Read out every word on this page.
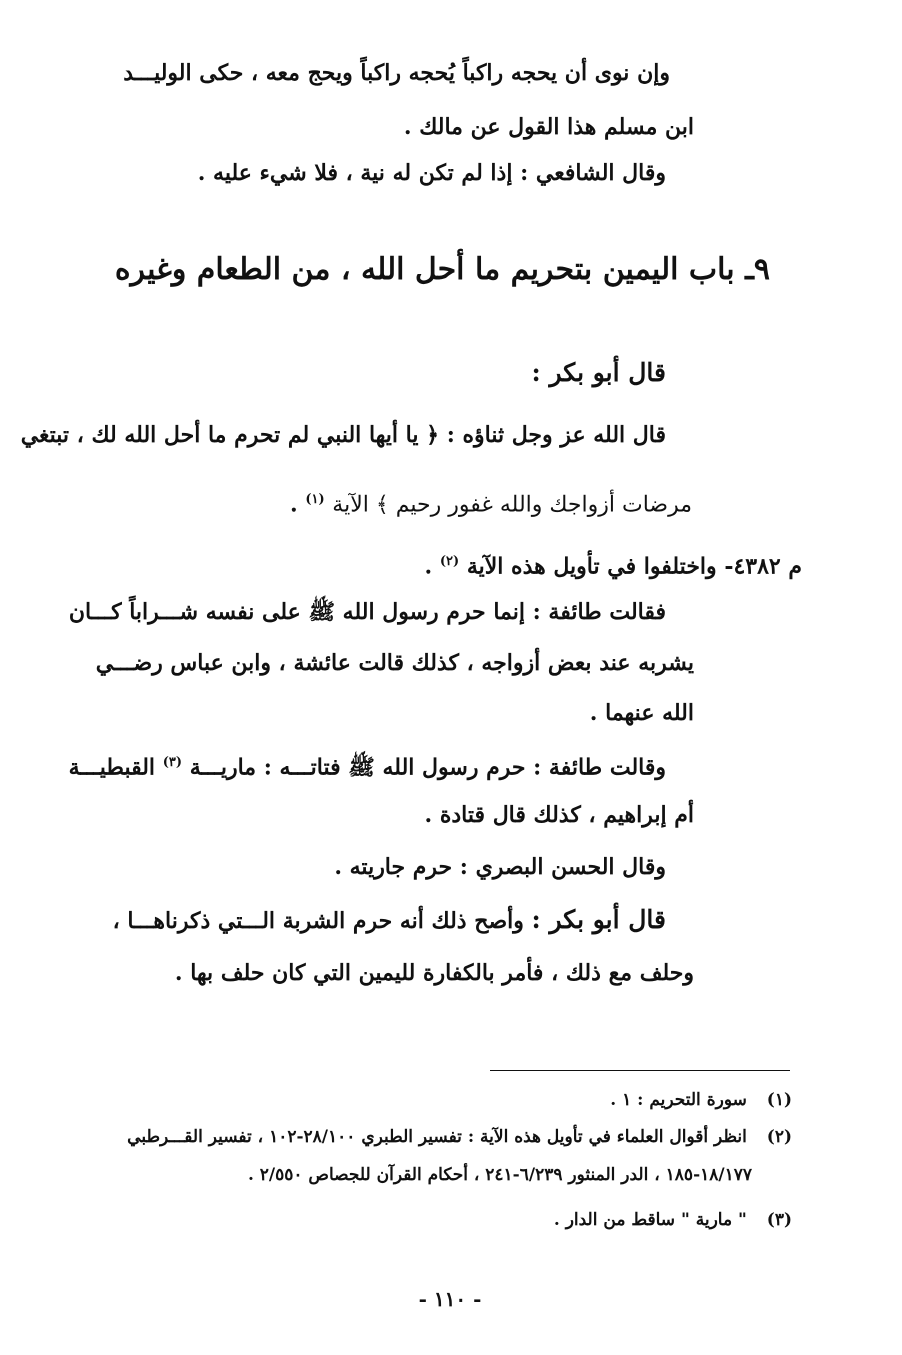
وإن نوى أن يحجه راكباً يُحجه راكباً ويحج معه ، حكى الوليـــد
ابن مسلم هذا القول عن مالك .
وقال الشافعي : إذا لم تكن له نية ، فلا شيء عليه .
٩ـ باب اليمين بتحريم ما أحل الله ، من الطعام وغيره
قال أبو بكر :
قال الله عز وجل ثناؤه : ﴿ يا أيها النبي لم تحرم ما أحل الله لك ، تبتغي
مرضات أزواجك والله غفور رحيم ﴾ الآية $^{(١)}$ .
م ٤٣٨٢- واختلفوا في تأويل هذه الآية $^{(٢)}$ .
فقالت طائفة : إنما حرم رسول الله ﷺ على نفسه شـــراباً كـــان
يشربه عند بعض أزواجه ، كذلك قالت عائشة ، وابن عباس رضـــي
الله عنهما .
وقالت طائفة : حرم رسول الله ﷺ فتاتـــه : ماريـــة $^{(٣)}$ القبطيـــة
أم إبراهيم ، كذلك قال قتادة .
وقال الحسن البصري : حرم جاريته .
قال أبو بكر : وأصح ذلك أنه حرم الشربة الـــتي ذكرناهـــا ،
وحلف مع ذلك ، فأمر بالكفارة لليمين التي كان حلف بها .
(١) سورة التحريم : ١ .
(٢) انظر أقوال العلماء في تأويل هذه الآية : تفسير الطبري ٢٨/١٠٠-١٠٢ ، تفسير القـــرطبي
١٨/١٧٧-١٨٥ ، الدر المنثور ٦/٢٣٩-٢٤١ ، أحكام القرآن للجصاص ٢/٥٥٠ .
(٣) " مارية " ساقط من الدار .
- ١١٠ -
